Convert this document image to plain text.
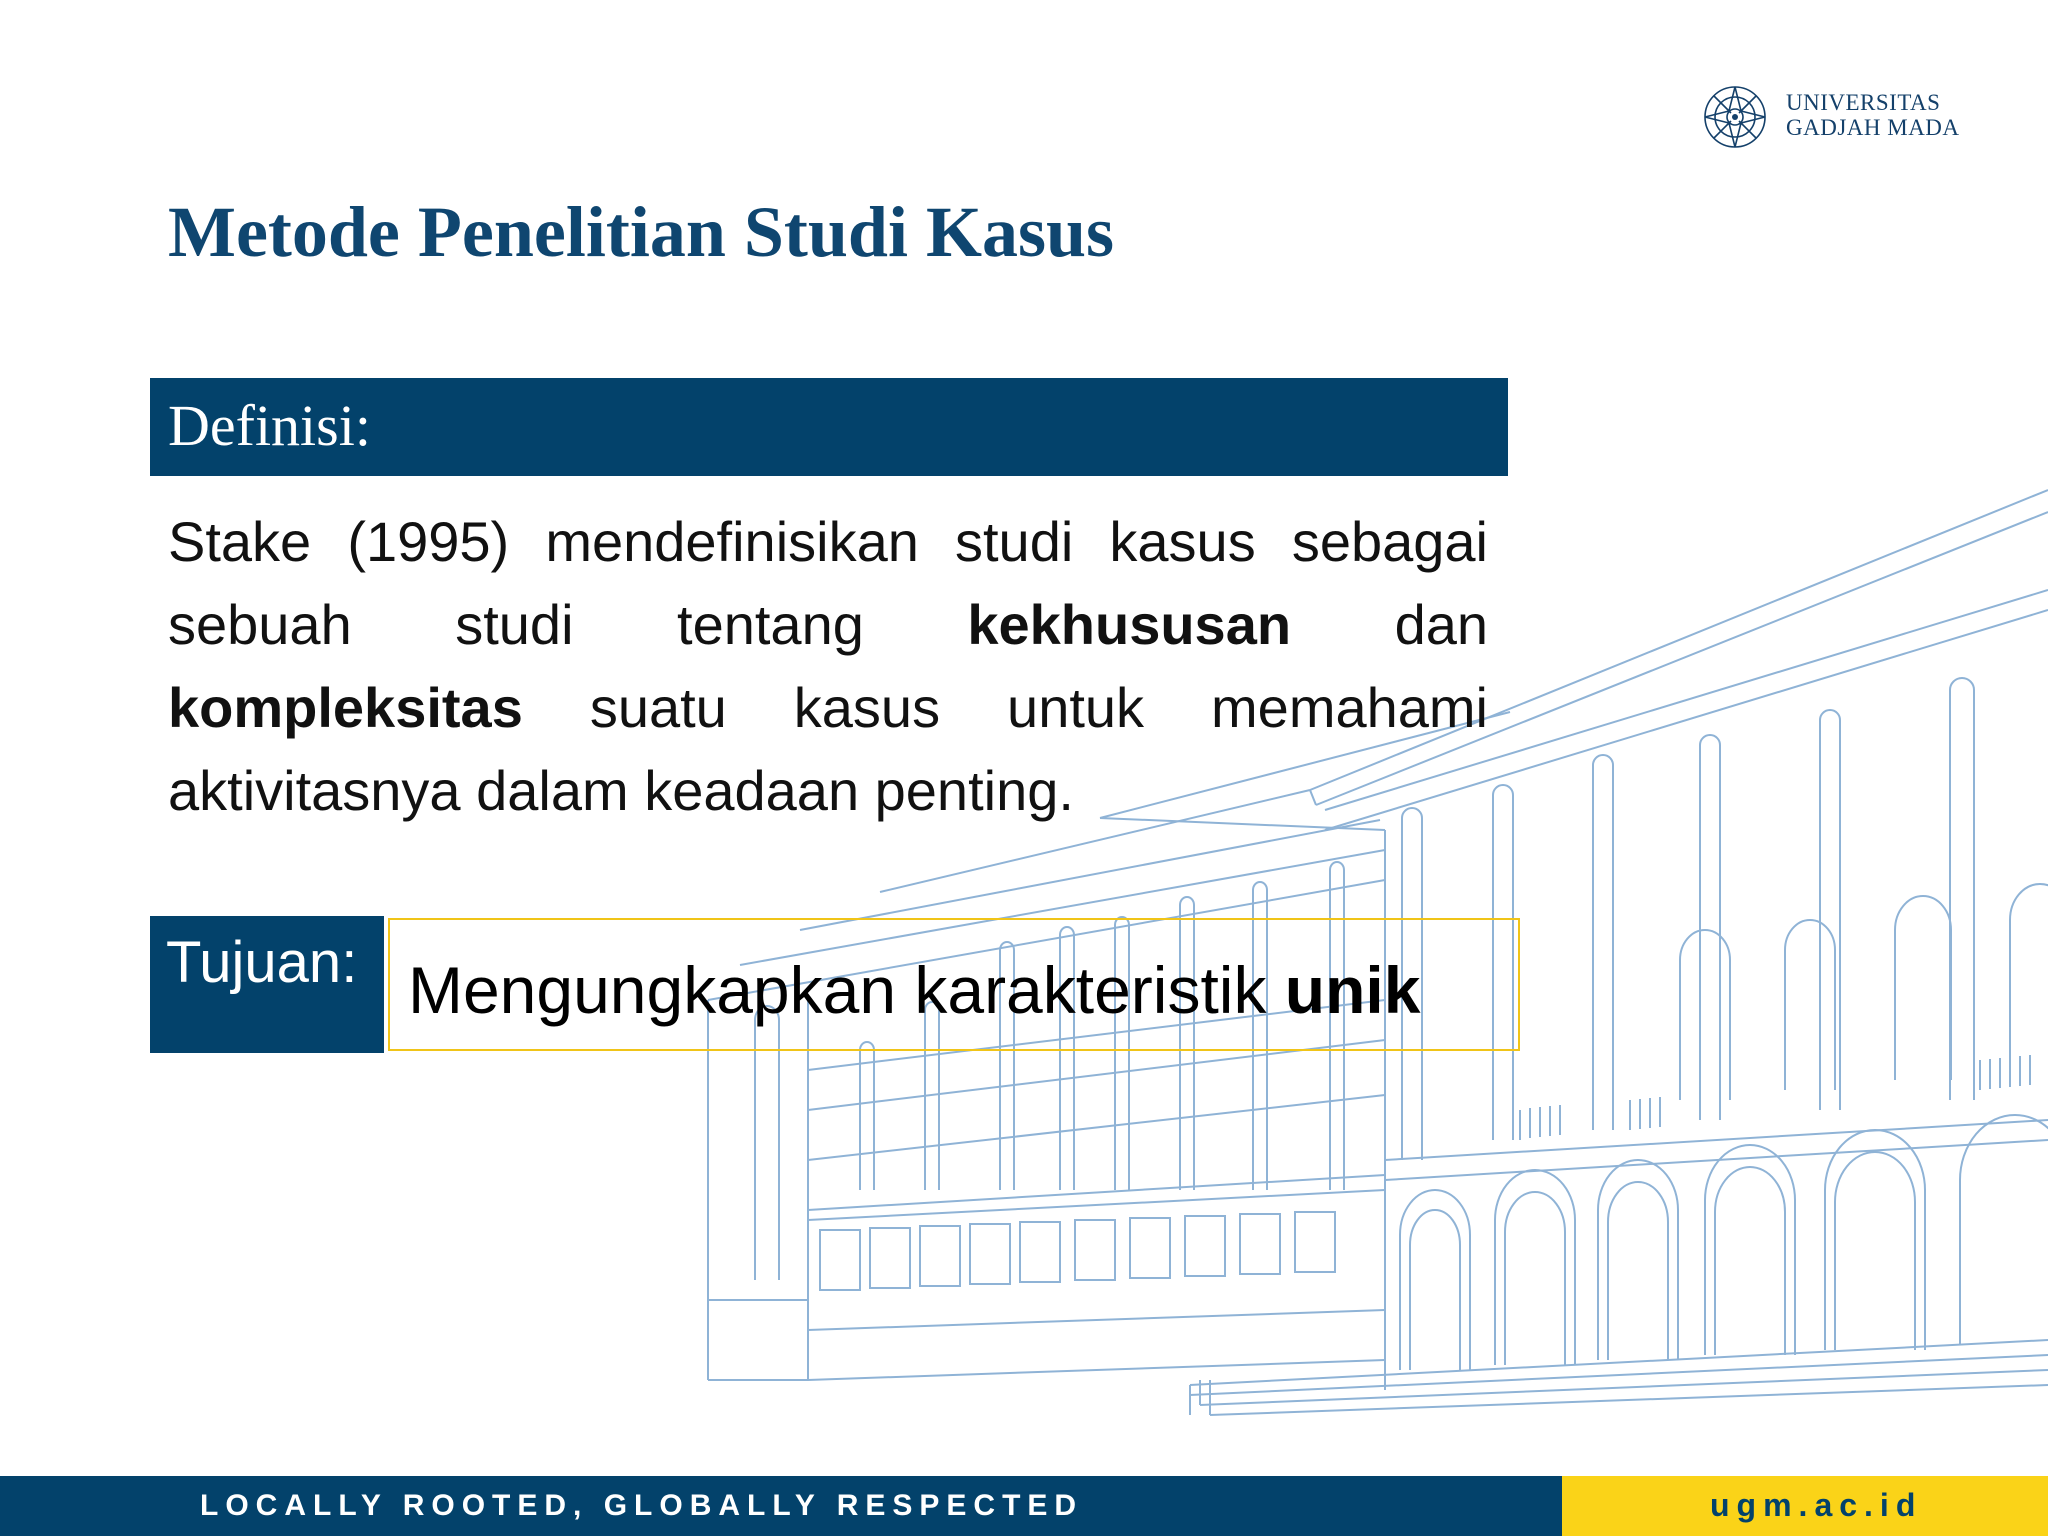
UNIVERSITAS
GADJAH MADA
Metode Penelitian Studi Kasus
Definisi:

Stake (1995) mendefinisikan studi kasus sebagai sebuah studi tentang kekhususan dan kompleksitas suatu kasus untuk memahami aktivitasnya dalam keadaan penting.

Tujuan: Mengungkapkan karakteristik unik
LOCALLY ROOTED, GLOBALLY RESPECTED	ugm.ac.id
